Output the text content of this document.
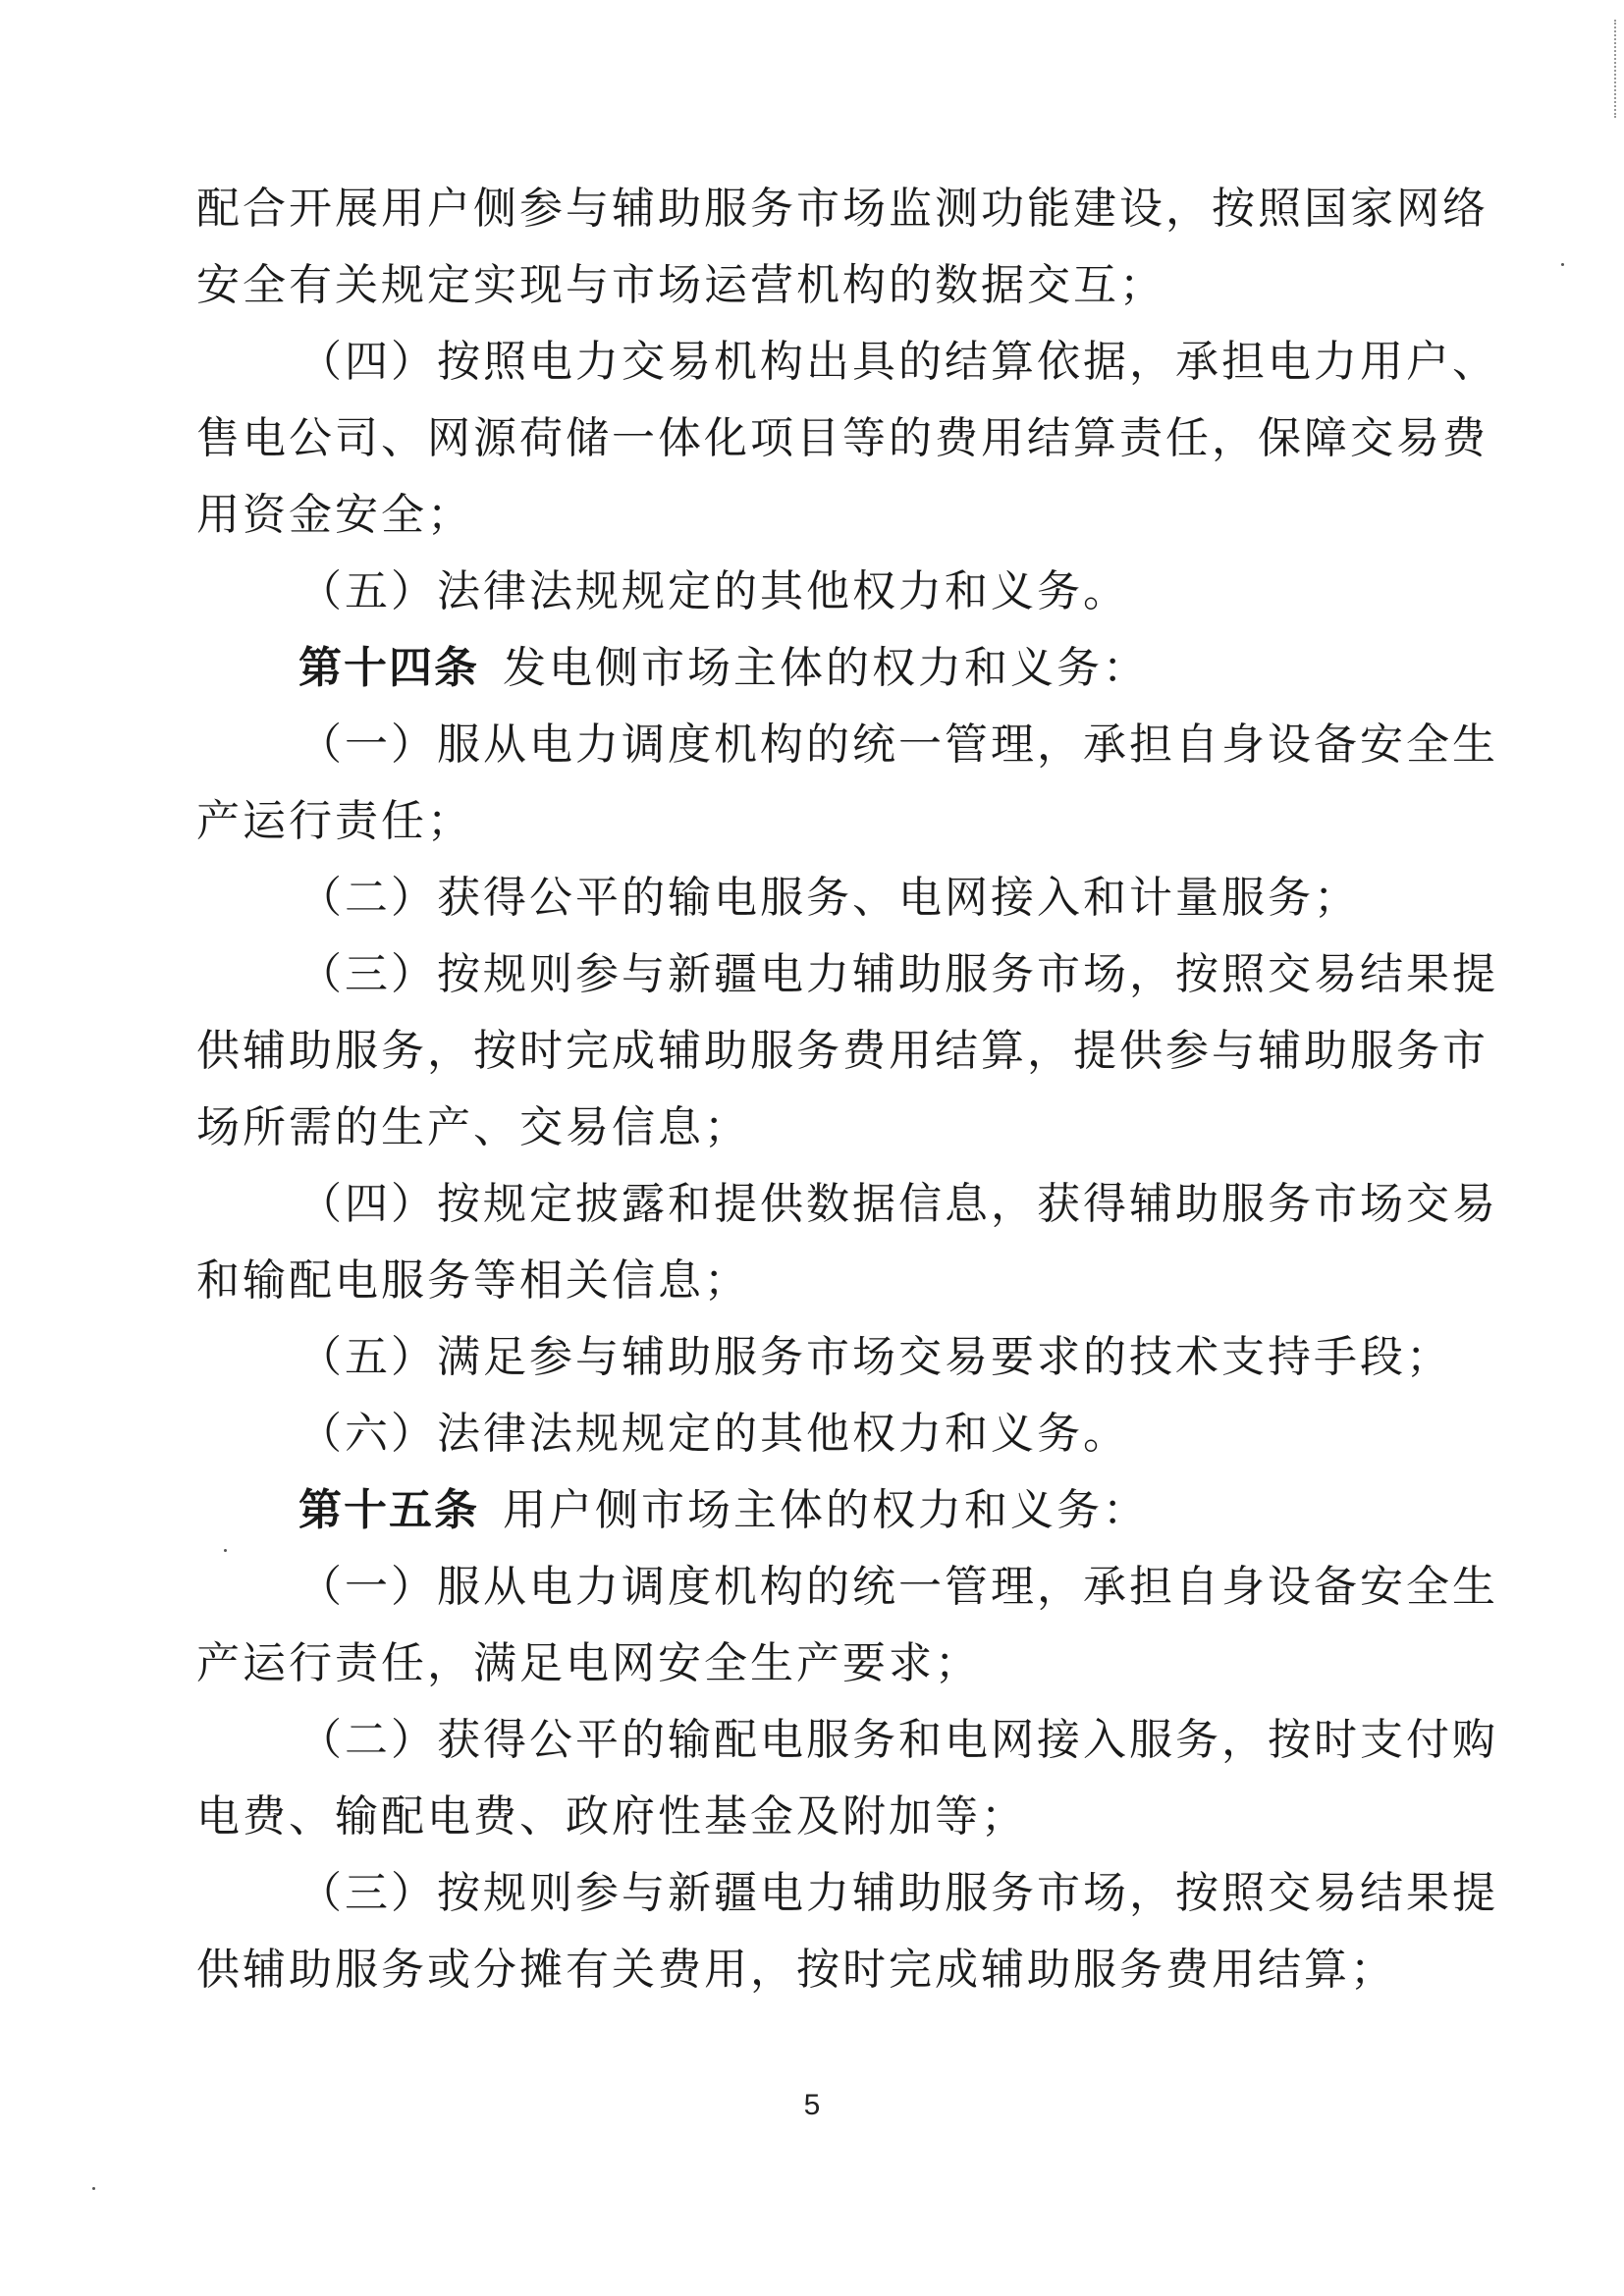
配合开展用户侧参与辅助服务市场监测功能建设，按照国家网络
安全有关规定实现与市场运营机构的数据交互；
（四）按照电力交易机构出具的结算依据，承担电力用户、
售电公司、网源荷储一体化项目等的费用结算责任，保障交易费
用资金安全；
（五）法律法规规定的其他权力和义务。
第十四条 发电侧市场主体的权力和义务：
（一）服从电力调度机构的统一管理，承担自身设备安全生
产运行责任；
（二）获得公平的输电服务、电网接入和计量服务；
（三）按规则参与新疆电力辅助服务市场，按照交易结果提
供辅助服务，按时完成辅助服务费用结算，提供参与辅助服务市
场所需的生产、交易信息；
（四）按规定披露和提供数据信息，获得辅助服务市场交易
和输配电服务等相关信息；
（五）满足参与辅助服务市场交易要求的技术支持手段；
（六）法律法规规定的其他权力和义务。
第十五条 用户侧市场主体的权力和义务：
（一）服从电力调度机构的统一管理，承担自身设备安全生
产运行责任，满足电网安全生产要求；
（二）获得公平的输配电服务和电网接入服务，按时支付购
电费、输配电费、政府性基金及附加等；
（三）按规则参与新疆电力辅助服务市场，按照交易结果提
供辅助服务或分摊有关费用，按时完成辅助服务费用结算；
5
